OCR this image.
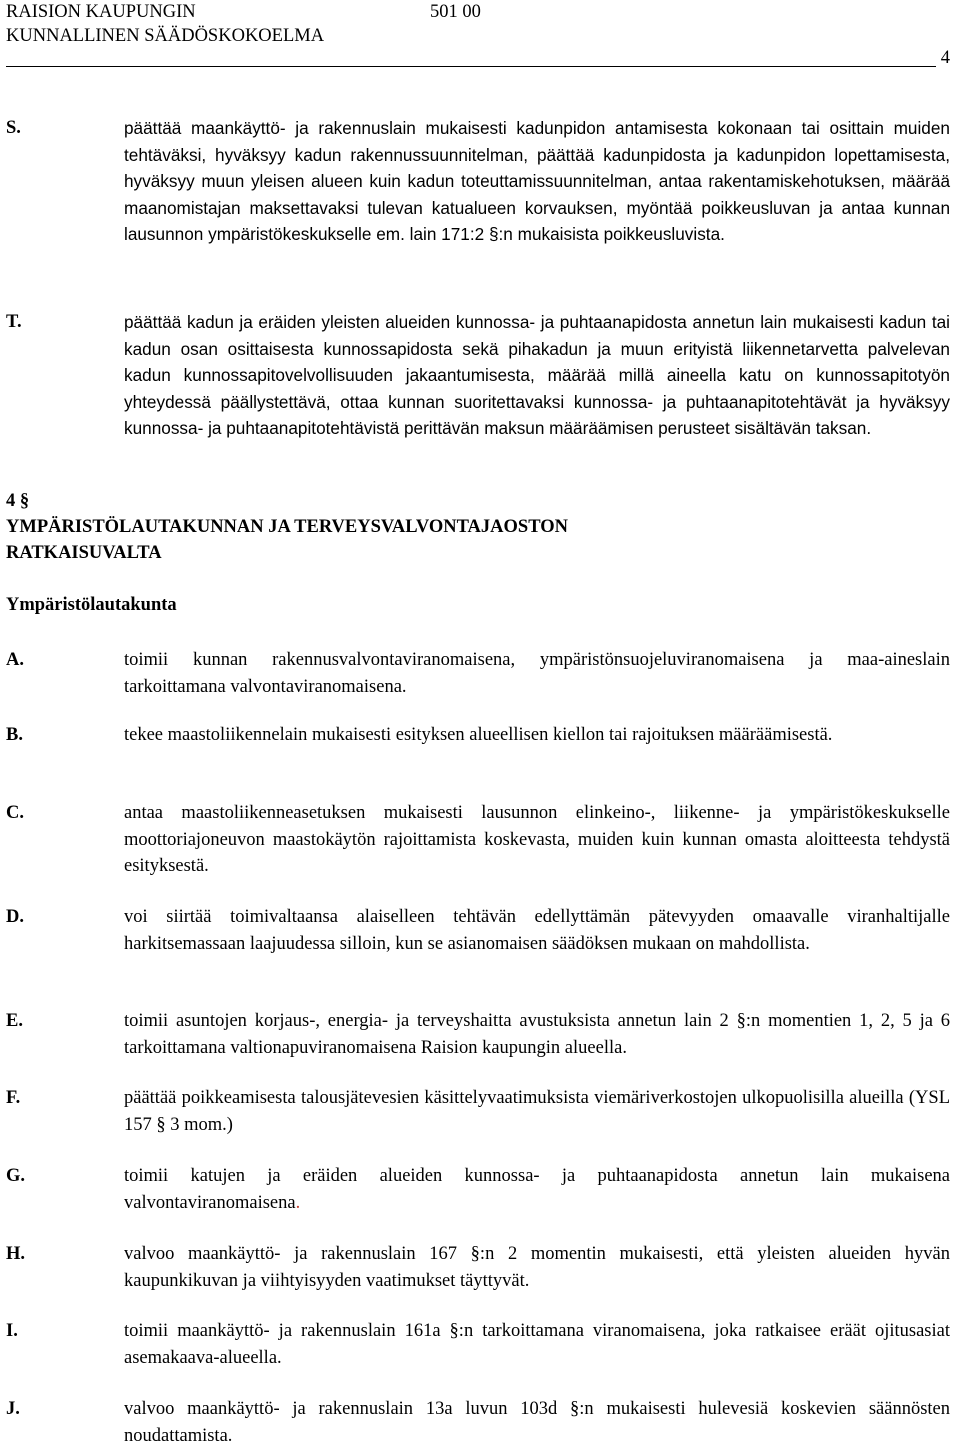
RAISION KAUPUNGIN	501 00
KUNNALLINEN SÄÄDÖSKOKOELMA
4
S.	päättää maankäyttö- ja rakennuslain mukaisesti kadunpidon antamisesta kokonaan tai osittain muiden tehtäväksi, hyväksyy kadun rakennussuunnitelman, päättää kadunpidosta ja kadunpidon lopettamisesta, hyväksyy muun yleisen alueen kuin kadun toteuttamissuunnitelman, antaa rakentamiskehotuksen, määrää maanomistajan maksettavaksi tulevan katualueen korvauksen, myöntää poikkeusluvan ja antaa kunnan lausunnon ympäristökeskukselle em. lain 171:2 §:n mukaisista poikkeusluvista.
T.	päättää kadun ja eräiden yleisten alueiden kunnossa- ja puhtaanapidosta annetun lain mukaisesti kadun tai kadun osan osittaisesta kunnossapidosta sekä pihakadun ja muun erityistä liikennetarvetta palvelevan kadun kunnossapitovelvollisuuden jakaantumisesta, määrää millä aineella katu on kunnossapitotyön yhteydessä päällystettävä, ottaa kunnan suoritettavaksi kunnossa- ja puhtaanapitotehtävät ja hyväksyy kunnossa- ja puhtaanapitotehtävistä perittävän maksun määräämisen perusteet sisältävän taksan.
4 §
YMPÄRISTÖLAUTAKUNNAN JA TERVEYSVALVONTAJAOSTON
RATKAISUVALTA
Ympäristölautakunta
A.	toimii kunnan rakennusvalvontaviranomaisena, ympäristönsuojeluviranomaisena ja maa-aineslain tarkoittamana valvontaviranomaisena.
B.	tekee maastoliikennelain mukaisesti esityksen alueellisen kiellon tai rajoituksen määräämisestä.
C.	antaa maastoliikenneasetuksen mukaisesti lausunnon elinkeino-, liikenne- ja ympäristökeskukselle moottoriajoneuvon maastokäytön rajoittamista koskevasta, muiden kuin kunnan omasta aloitteesta tehdystä esityksestä.
D.	voi siirtää toimivaltaansa alaiselleen tehtävän edellyttämän pätevyyden omaavalle viranhaltijalle harkitsemassaan laajuudessa silloin, kun se asianomaisen säädöksen mukaan on mahdollista.
E.	toimii asuntojen korjaus-, energia- ja terveyshaitta avustuksista annetun lain 2 §:n momentien 1, 2, 5 ja 6 tarkoittamana valtionapuviranomaisena Raision kaupungin alueella.
F.	päättää poikkeamisesta talousjätevesien käsittelyvaatimuksista viemäriverkostojen ulkopuolisilla alueilla (YSL 157 § 3 mom.)
G.	toimii katujen ja eräiden alueiden kunnossa- ja puhtaanapidosta annetun lain mukaisena valvontaviranomaisena.
H.	valvoo maankäyttö- ja rakennuslain 167 §:n 2 momentin mukaisesti, että yleisten alueiden hyvän kaupunkikuvan ja viihtyisyyden vaatimukset täyttyvät.
I.	toimii maankäyttö- ja rakennuslain 161a §:n tarkoittamana viranomaisena, joka ratkaisee eräät ojitusasiat asemakaava-alueella.
J.	valvoo maankäyttö- ja rakennuslain 13a luvun 103d §:n mukaisesti hulevesiä koskevien säännösten noudattamista.
